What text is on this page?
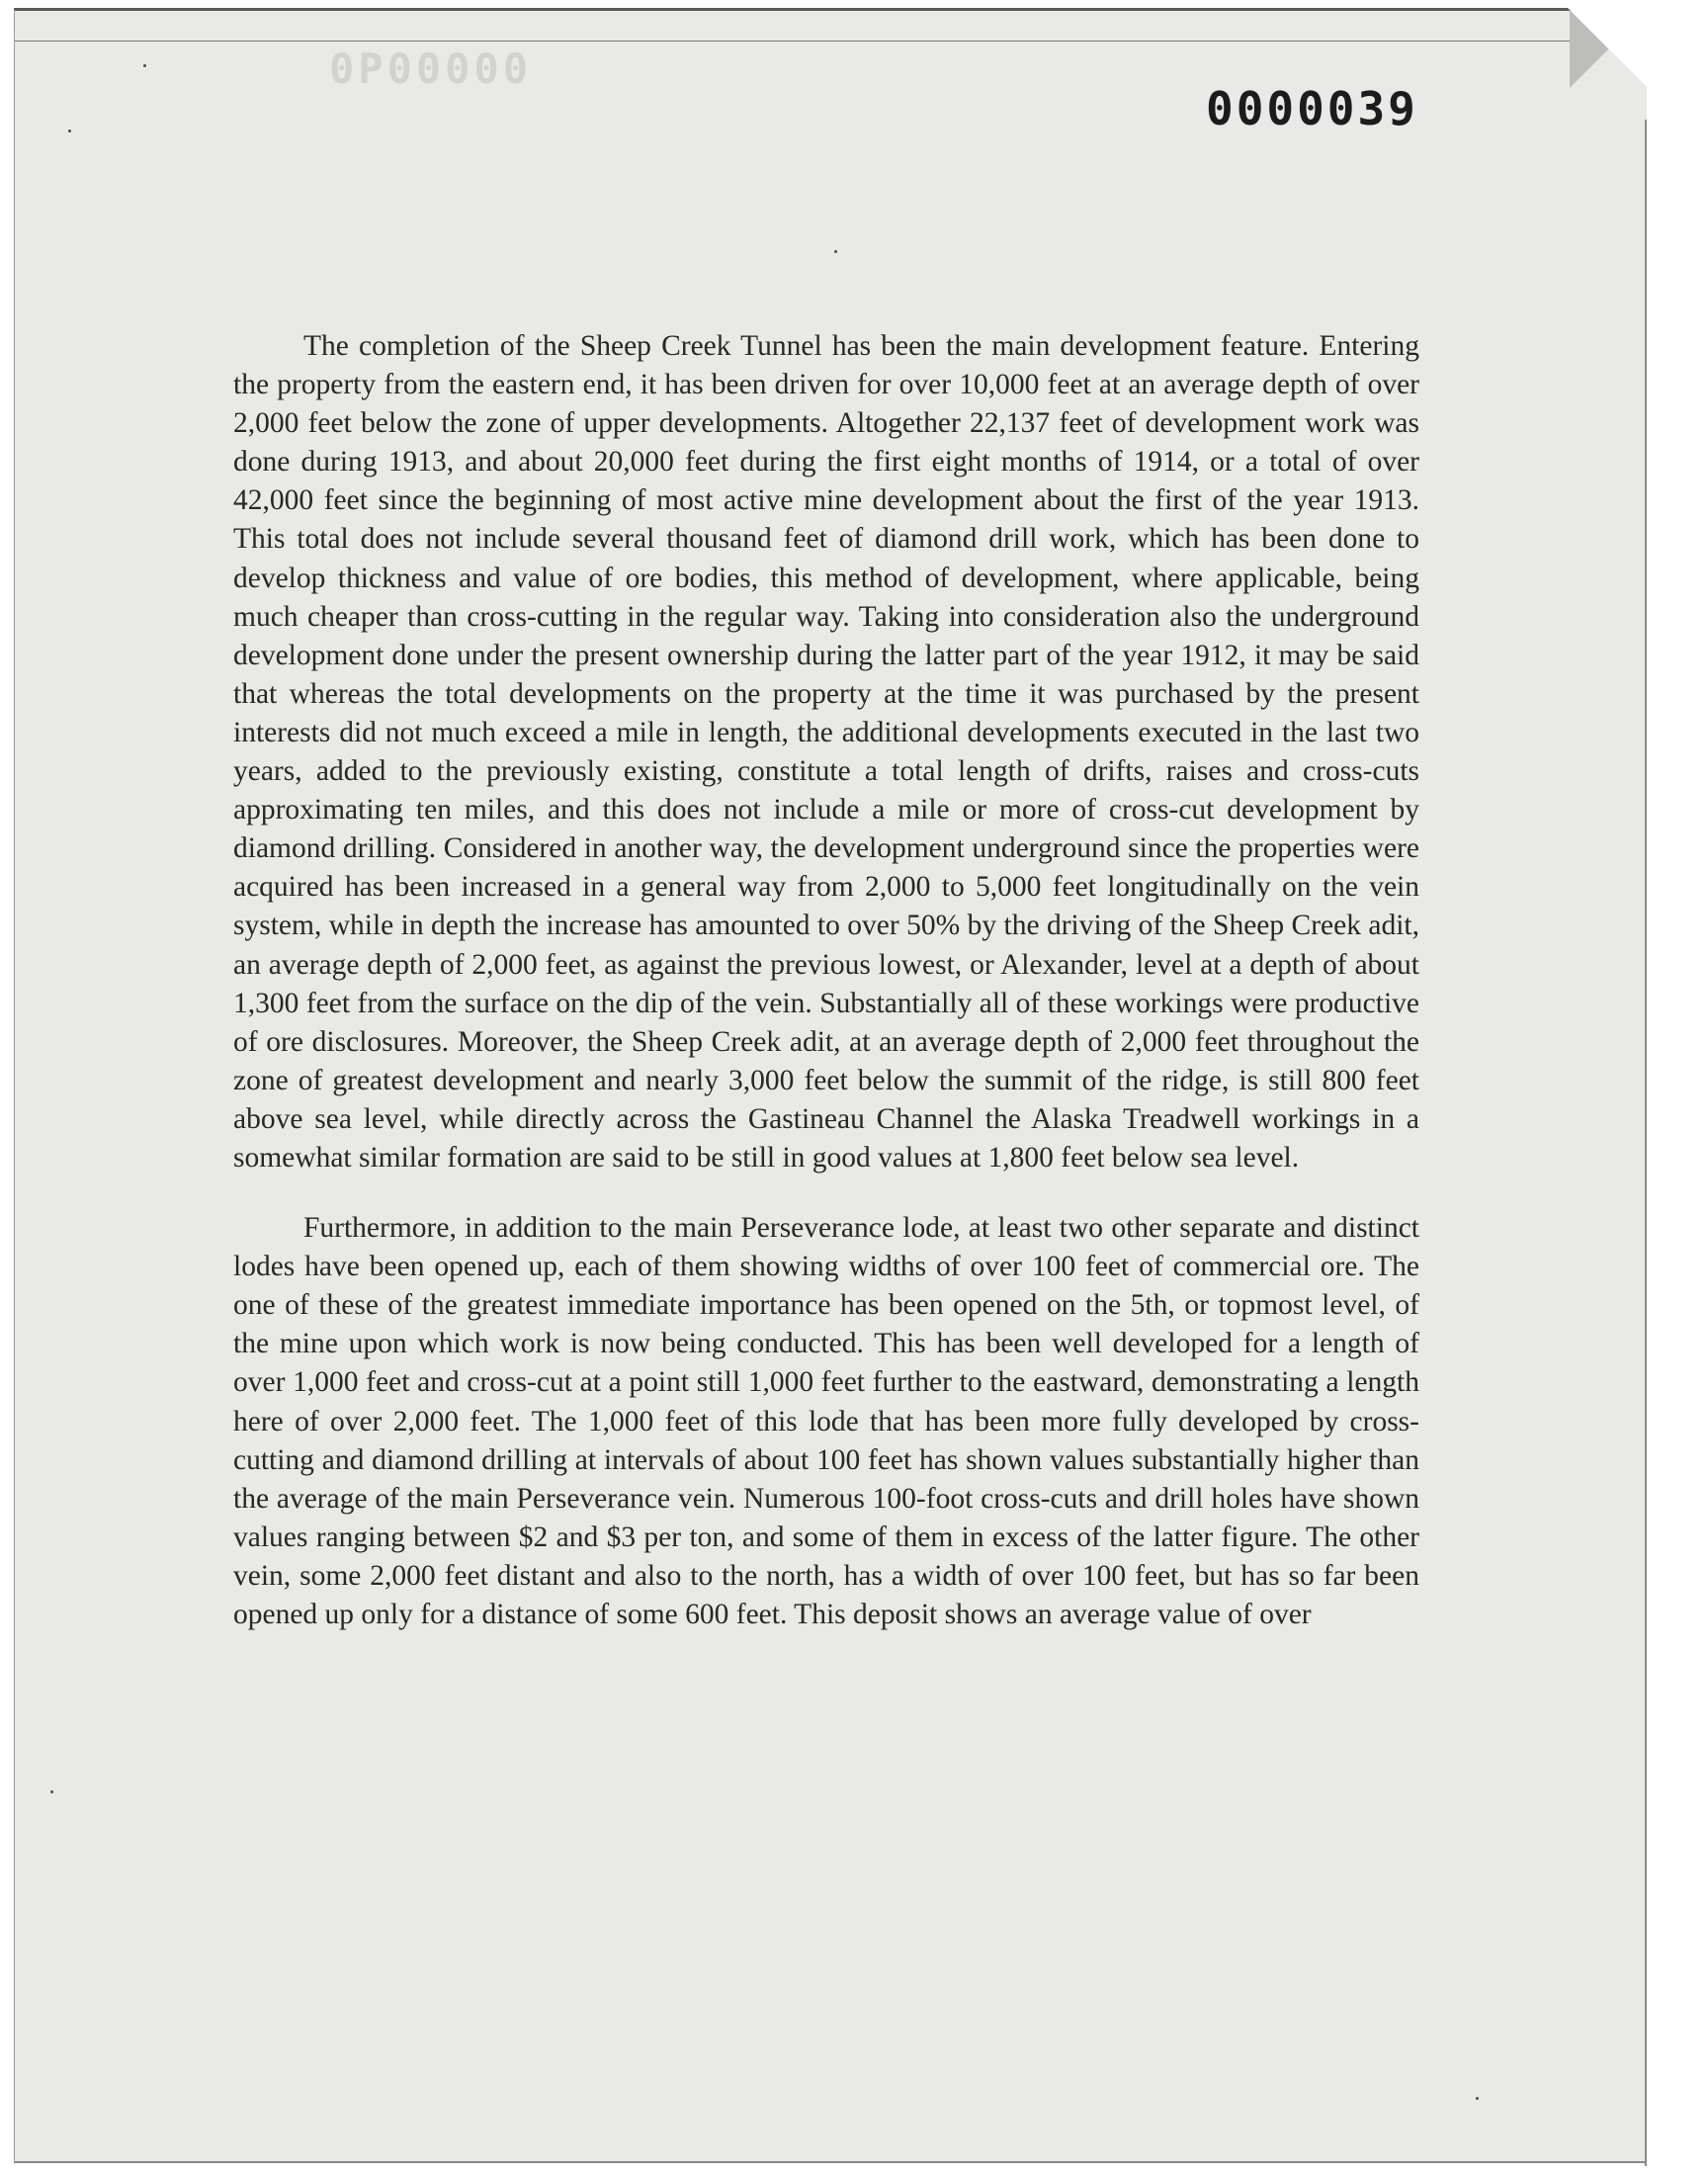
0P00000
0000039

The completion of the Sheep Creek Tunnel has been the main development feature. Entering the property from the eastern end, it has been driven for over 10,000 feet at an average depth of over 2,000 feet below the zone of upper developments. Altogether 22,137 feet of development work was done during 1913, and about 20,000 feet during the first eight months of 1914, or a total of over 42,000 feet since the beginning of most active mine development about the first of the year 1913. This total does not include several thousand feet of diamond drill work, which has been done to develop thickness and value of ore bodies, this method of development, where applicable, being much cheaper than cross-cutting in the regular way. Taking into consideration also the underground development done under the present ownership during the latter part of the year 1912, it may be said that whereas the total developments on the property at the time it was purchased by the present interests did not much exceed a mile in length, the additional developments executed in the last two years, added to the previously existing, constitute a total length of drifts, raises and cross-cuts approximating ten miles, and this does not include a mile or more of cross-cut development by diamond drilling. Considered in another way, the development underground since the properties were acquired has been increased in a general way from 2,000 to 5,000 feet longitudinally on the vein system, while in depth the increase has amounted to over 50% by the driving of the Sheep Creek adit, an average depth of 2,000 feet, as against the previous lowest, or Alexander, level at a depth of about 1,300 feet from the surface on the dip of the vein. Substantially all of these workings were productive of ore disclosures. Moreover, the Sheep Creek adit, at an average depth of 2,000 feet throughout the zone of greatest development and nearly 3,000 feet below the summit of the ridge, is still 800 feet above sea level, while directly across the Gastineau Channel the Alaska Treadwell workings in a somewhat similar formation are said to be still in good values at 1,800 feet below sea level.

Furthermore, in addition to the main Perseverance lode, at least two other separate and distinct lodes have been opened up, each of them showing widths of over 100 feet of commercial ore. The one of these of the greatest immediate importance has been opened on the 5th, or topmost level, of the mine upon which work is now being conducted. This has been well developed for a length of over 1,000 feet and cross-cut at a point still 1,000 feet further to the eastward, demonstrating a length here of over 2,000 feet. The 1,000 feet of this lode that has been more fully developed by cross-cutting and diamond drilling at intervals of about 100 feet has shown values substantially higher than the average of the main Perseverance vein. Numerous 100-foot cross-cuts and drill holes have shown values ranging between $2 and $3 per ton, and some of them in excess of the latter figure. The other vein, some 2,000 feet distant and also to the north, has a width of over 100 feet, but has so far been opened up only for a distance of some 600 feet. This deposit shows an average value of over
